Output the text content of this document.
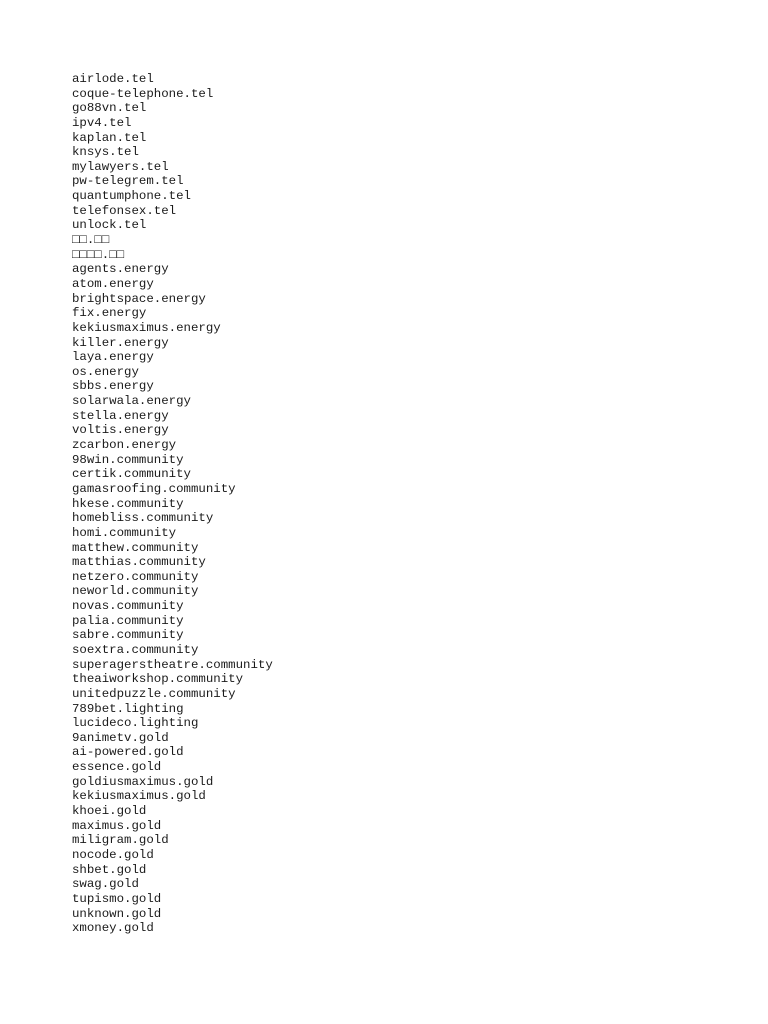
airlode.tel
coque-telephone.tel
go88vn.tel
ipv4.tel
kaplan.tel
knsys.tel
mylawyers.tel
pw-telegrem.tel
quantumphone.tel
telefonsex.tel
unlock.tel
□□.□□
□□□□.□□
agents.energy
atom.energy
brightspace.energy
fix.energy
kekiusmaximus.energy
killer.energy
laya.energy
os.energy
sbbs.energy
solarwala.energy
stella.energy
voltis.energy
zcarbon.energy
98win.community
certik.community
gamasroofing.community
hkese.community
homebliss.community
homi.community
matthew.community
matthias.community
netzero.community
neworld.community
novas.community
palia.community
sabre.community
soextra.community
superagerstheatre.community
theaiworkshop.community
unitedpuzzle.community
789bet.lighting
lucideco.lighting
9animetv.gold
ai-powered.gold
essence.gold
goldiusmaximus.gold
kekiusmaximus.gold
khoei.gold
maximus.gold
miligram.gold
nocode.gold
shbet.gold
swag.gold
tupismo.gold
unknown.gold
xmoney.gold
